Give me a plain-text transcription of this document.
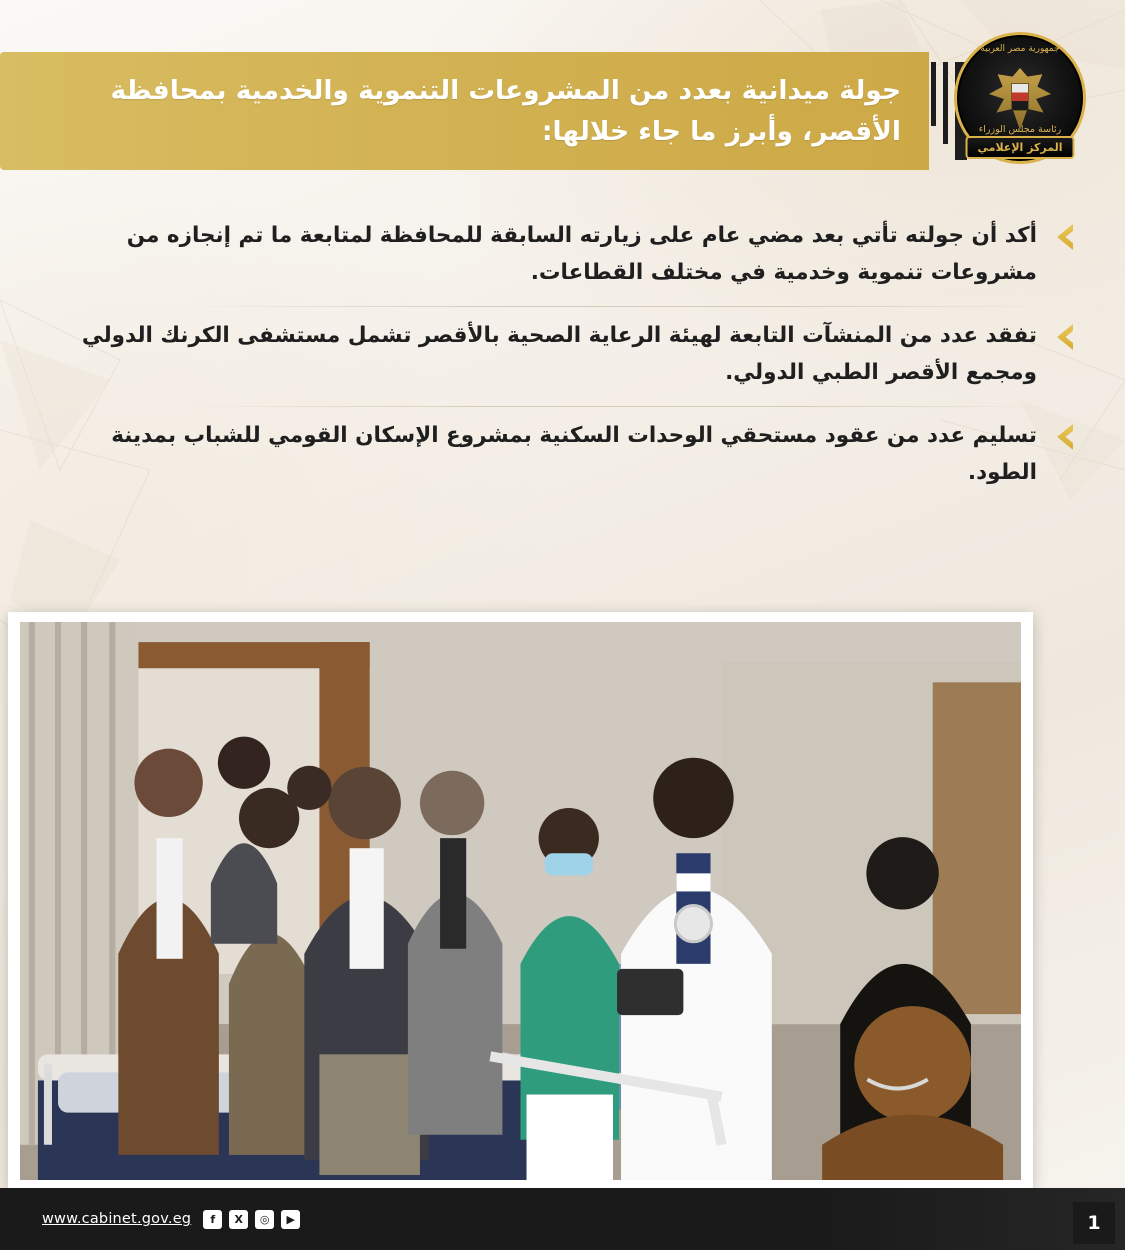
جولة ميدانية بعدد من المشروعات التنموية والخدمية بمحافظة الأقصر، وأبرز ما جاء خلالها:
جمهورية مصر العربية
رئاسة مجلس الوزراء
المركز الإعلامي

أكد أن جولته تأتي بعد مضي عام على زيارته السابقة للمحافظة لمتابعة ما تم إنجازه من مشروعات تنموية وخدمية في مختلف القطاعات.

تفقد عدد من المنشآت التابعة لهيئة الرعاية الصحية بالأقصر تشمل مستشفى الكرنك الدولي ومجمع الأقصر الطبي الدولي.

تسليم عدد من عقود مستحقي الوحدات السكنية بمشروع الإسكان القومي للشباب بمدينة الطود.

www.cabinet.gov.eg	f	X	◎	▶	1
